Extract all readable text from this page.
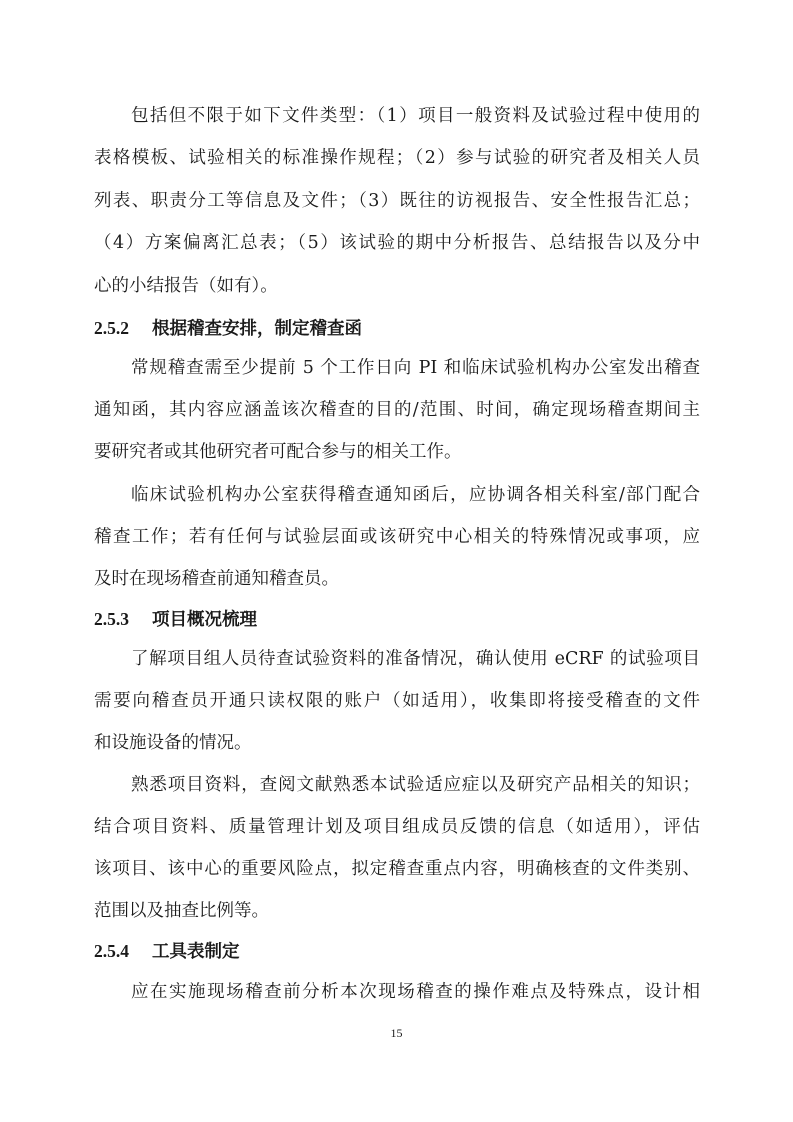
包括但不限于如下文件类型：（1）项目一般资料及试验过程中使用的
表格模板、试验相关的标准操作规程；（2）参与试验的研究者及相关人员
列表、职责分工等信息及文件；（3）既往的访视报告、安全性报告汇总；
（4）方案偏离汇总表；（5）该试验的期中分析报告、总结报告以及分中
心的小结报告（如有）。
2.5.2 根据稽查安排，制定稽查函
常规稽查需至少提前 5 个工作日向 PI 和临床试验机构办公室发出稽查
通知函，其内容应涵盖该次稽查的目的/范围、时间，确定现场稽查期间主
要研究者或其他研究者可配合参与的相关工作。
临床试验机构办公室获得稽查通知函后，应协调各相关科室/部门配合
稽查工作；若有任何与试验层面或该研究中心相关的特殊情况或事项，应
及时在现场稽查前通知稽查员。
2.5.3 项目概况梳理
了解项目组人员待查试验资料的准备情况，确认使用 eCRF 的试验项目
需要向稽查员开通只读权限的账户（如适用），收集即将接受稽查的文件
和设施设备的情况。
熟悉项目资料，查阅文献熟悉本试验适应症以及研究产品相关的知识；
结合项目资料、质量管理计划及项目组成员反馈的信息（如适用），评估
该项目、该中心的重要风险点，拟定稽查重点内容，明确核查的文件类别、
范围以及抽查比例等。
2.5.4 工具表制定
应在实施现场稽查前分析本次现场稽查的操作难点及特殊点，设计相
15
